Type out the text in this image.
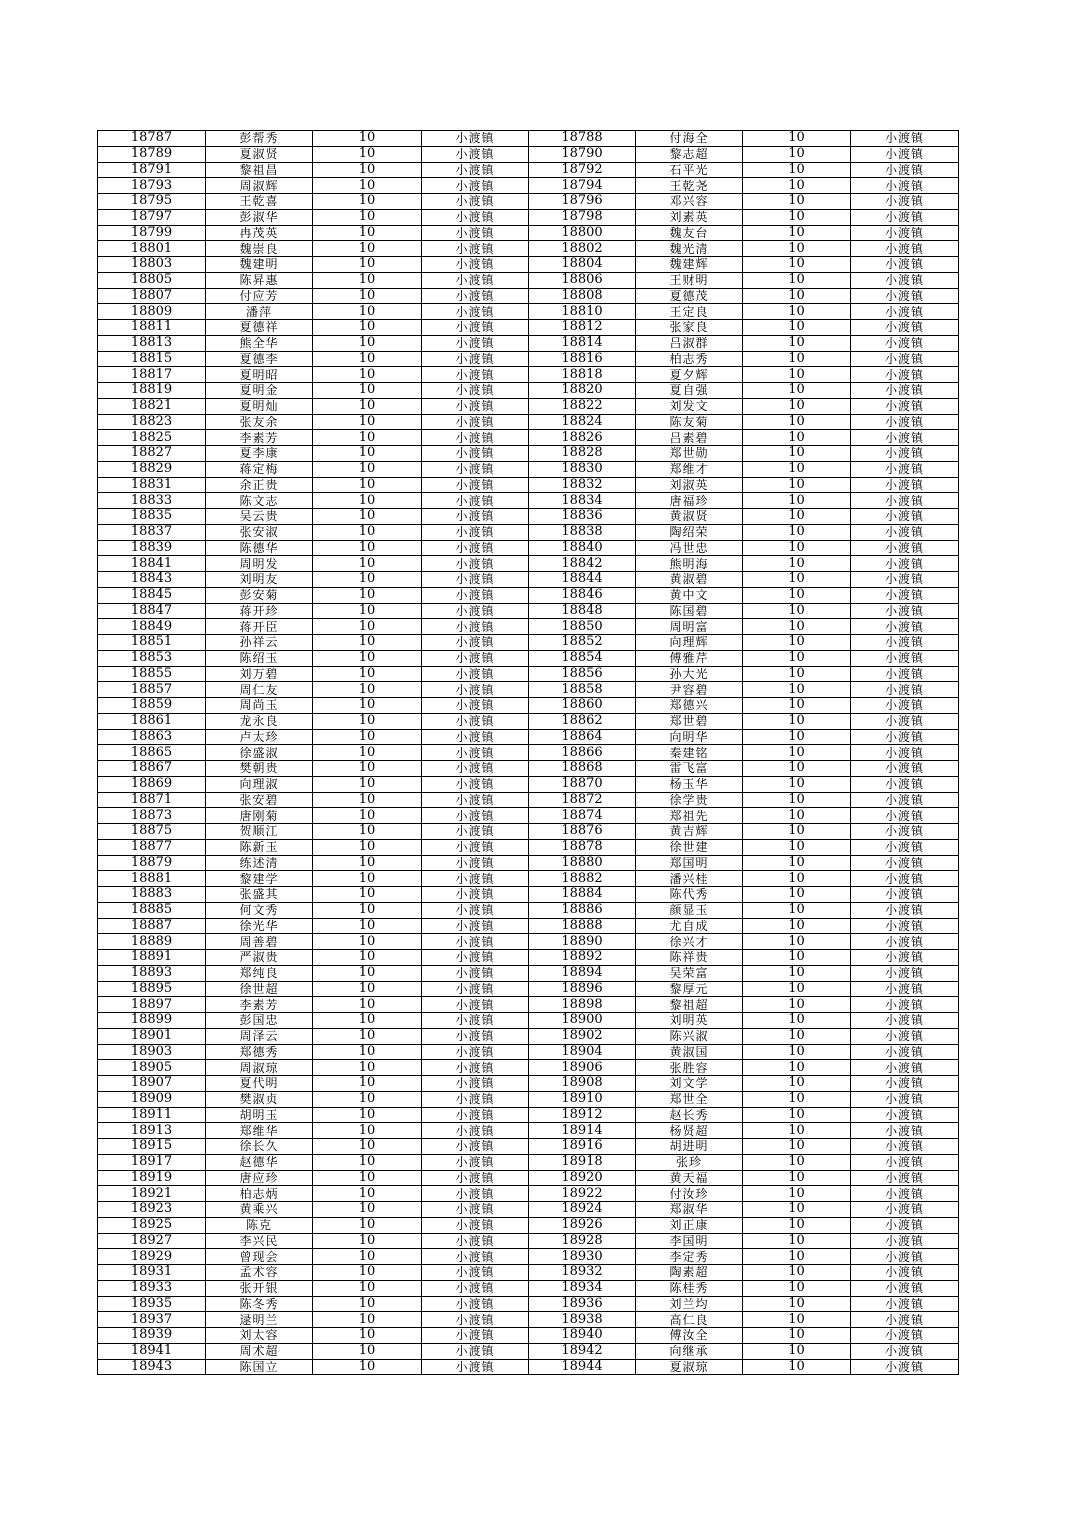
18787	彭帮秀	10	小渡镇	18788	付海全	10	小渡镇
18789	夏淑贤	10	小渡镇	18790	黎志超	10	小渡镇
18791	黎祖昌	10	小渡镇	18792	石平光	10	小渡镇
18793	周淑辉	10	小渡镇	18794	王乾尧	10	小渡镇
18795	王乾喜	10	小渡镇	18796	邓兴容	10	小渡镇
18797	彭淑华	10	小渡镇	18798	刘素英	10	小渡镇
18799	冉茂英	10	小渡镇	18800	魏友台	10	小渡镇
18801	魏崇良	10	小渡镇	18802	魏光清	10	小渡镇
18803	魏建明	10	小渡镇	18804	魏建辉	10	小渡镇
18805	陈昇惠	10	小渡镇	18806	王财明	10	小渡镇
18807	付应芳	10	小渡镇	18808	夏德茂	10	小渡镇
18809	潘萍	10	小渡镇	18810	王定良	10	小渡镇
18811	夏德祥	10	小渡镇	18812	张家良	10	小渡镇
18813	熊全华	10	小渡镇	18814	吕淑群	10	小渡镇
18815	夏德李	10	小渡镇	18816	柏志秀	10	小渡镇
18817	夏明昭	10	小渡镇	18818	夏夕辉	10	小渡镇
18819	夏明金	10	小渡镇	18820	夏自强	10	小渡镇
18821	夏明灿	10	小渡镇	18822	刘发文	10	小渡镇
18823	张友余	10	小渡镇	18824	陈友菊	10	小渡镇
18825	李素芳	10	小渡镇	18826	吕素碧	10	小渡镇
18827	夏李康	10	小渡镇	18828	郑世勋	10	小渡镇
18829	蒋定梅	10	小渡镇	18830	郑维才	10	小渡镇
18831	余正贵	10	小渡镇	18832	刘淑英	10	小渡镇
18833	陈文志	10	小渡镇	18834	唐福珍	10	小渡镇
18835	吴云贵	10	小渡镇	18836	黄淑贤	10	小渡镇
18837	张安淑	10	小渡镇	18838	陶绍荣	10	小渡镇
18839	陈德华	10	小渡镇	18840	冯世忠	10	小渡镇
18841	周明发	10	小渡镇	18842	熊明海	10	小渡镇
18843	刘明友	10	小渡镇	18844	黄淑碧	10	小渡镇
18845	彭安菊	10	小渡镇	18846	黄中文	10	小渡镇
18847	蒋开珍	10	小渡镇	18848	陈国碧	10	小渡镇
18849	蒋开臣	10	小渡镇	18850	周明富	10	小渡镇
18851	孙祥云	10	小渡镇	18852	向理辉	10	小渡镇
18853	陈绍玉	10	小渡镇	18854	傅雅芹	10	小渡镇
18855	刘万碧	10	小渡镇	18856	孙大光	10	小渡镇
18857	周仁友	10	小渡镇	18858	尹容碧	10	小渡镇
18859	周尚玉	10	小渡镇	18860	郑德兴	10	小渡镇
18861	龙永良	10	小渡镇	18862	郑世碧	10	小渡镇
18863	卢太珍	10	小渡镇	18864	向明华	10	小渡镇
18865	徐盛淑	10	小渡镇	18866	秦建铭	10	小渡镇
18867	樊朝贵	10	小渡镇	18868	雷飞富	10	小渡镇
18869	向理淑	10	小渡镇	18870	杨玉华	10	小渡镇
18871	张安碧	10	小渡镇	18872	徐学贵	10	小渡镇
18873	唐刚菊	10	小渡镇	18874	郑祖先	10	小渡镇
18875	贺顺江	10	小渡镇	18876	黄吉辉	10	小渡镇
18877	陈新玉	10	小渡镇	18878	徐世建	10	小渡镇
18879	练述清	10	小渡镇	18880	郑国明	10	小渡镇
18881	黎建学	10	小渡镇	18882	潘兴桂	10	小渡镇
18883	张盛其	10	小渡镇	18884	陈代秀	10	小渡镇
18885	何文秀	10	小渡镇	18886	颜显玉	10	小渡镇
18887	徐光华	10	小渡镇	18888	尤自成	10	小渡镇
18889	周善碧	10	小渡镇	18890	徐兴才	10	小渡镇
18891	严淑贵	10	小渡镇	18892	陈祥贵	10	小渡镇
18893	郑纯良	10	小渡镇	18894	吴荣富	10	小渡镇
18895	徐世超	10	小渡镇	18896	黎厚元	10	小渡镇
18897	李素芳	10	小渡镇	18898	黎祖超	10	小渡镇
18899	彭国忠	10	小渡镇	18900	刘明英	10	小渡镇
18901	周泽云	10	小渡镇	18902	陈兴淑	10	小渡镇
18903	郑德秀	10	小渡镇	18904	黄淑国	10	小渡镇
18905	周淑琼	10	小渡镇	18906	张胜容	10	小渡镇
18907	夏代明	10	小渡镇	18908	刘文学	10	小渡镇
18909	樊淑贞	10	小渡镇	18910	郑世全	10	小渡镇
18911	胡明玉	10	小渡镇	18912	赵长秀	10	小渡镇
18913	郑维华	10	小渡镇	18914	杨贤超	10	小渡镇
18915	徐长久	10	小渡镇	18916	胡进明	10	小渡镇
18917	赵德华	10	小渡镇	18918	张珍	10	小渡镇
18919	唐应珍	10	小渡镇	18920	黄天福	10	小渡镇
18921	柏志炳	10	小渡镇	18922	付汝珍	10	小渡镇
18923	黄乘兴	10	小渡镇	18924	郑淑华	10	小渡镇
18925	陈克	10	小渡镇	18926	刘正康	10	小渡镇
18927	李兴民	10	小渡镇	18928	李国明	10	小渡镇
18929	曾现会	10	小渡镇	18930	李定秀	10	小渡镇
18931	孟术容	10	小渡镇	18932	陶素超	10	小渡镇
18933	张开银	10	小渡镇	18934	陈桂秀	10	小渡镇
18935	陈冬秀	10	小渡镇	18936	刘兰均	10	小渡镇
18937	逯明兰	10	小渡镇	18938	高仁良	10	小渡镇
18939	刘太容	10	小渡镇	18940	傅汝全	10	小渡镇
18941	周术超	10	小渡镇	18942	向继承	10	小渡镇
18943	陈国立	10	小渡镇	18944	夏淑琼	10	小渡镇
